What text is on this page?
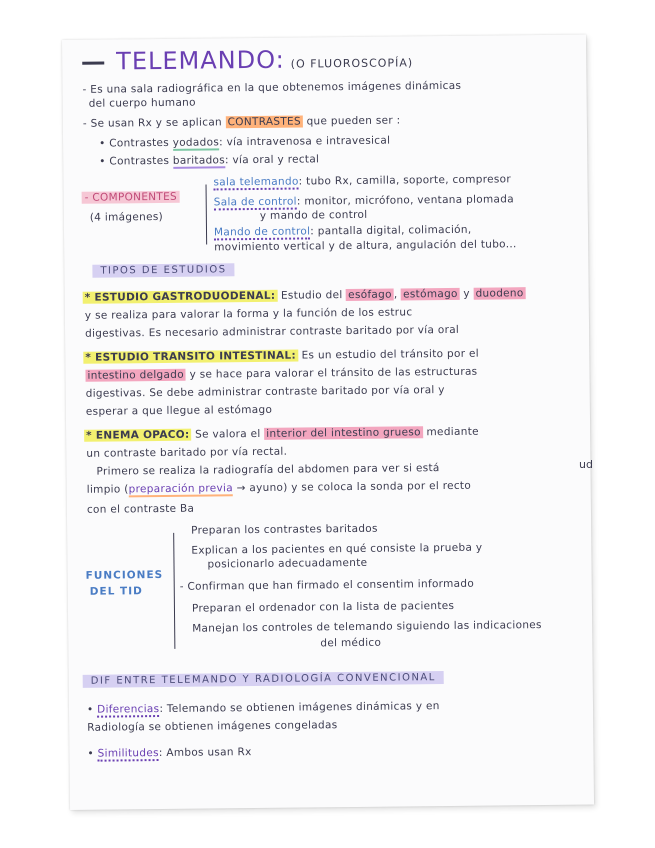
TELEMANDO: (O FLUOROSCOPÍA)
- Es una sala radiográfica en la que obtenemos imágenes dinámicas
del cuerpo humano
- Se usan Rx y se aplican CONTRASTES que pueden ser :
• Contrastes yodados: vía intravenosa e intravesical
• Contrastes baritados: vía oral y rectal
- COMPONENTES
(4 imágenes)
sala telemando: tubo Rx, camilla, soporte, compresor
Sala de control: monitor, micrófono, ventana plomada
y mando de control
Mando de control: pantalla digital, colimación,
movimiento vertical y de altura, angulación del tubo...
TIPOS DE ESTUDIOS
* ESTUDIO GASTRODUODENAL: Estudio del esófago , estómago y duodeno
y se realiza para valorar la forma y la función de los estruc
digestivas. Es necesario administrar contraste baritado por vía oral
* ESTUDIO TRANSITO INTESTINAL: Es un estudio del tránsito por el
intestino delgado y se hace para valorar el tránsito de las estructuras
digestivas. Se debe administrar contraste baritado por vía oral y
esperar a que llegue al estómago
* ENEMA OPACO: Se valora el interior del intestino grueso mediante
un contraste baritado por vía rectal.
Primero se realiza la radiografía del abdomen para ver si está
limpio (preparación previa → ayuno) y se coloca la sonda por el recto
con el contraste Ba
FUNCIONES
DEL TID
Preparan los contrastes baritados
Explican a los pacientes en qué consiste la prueba y
posicionarlo adecuadamente
- Confirman que han firmado el consentim informado
Preparan el ordenador con la lista de pacientes
Manejan los controles de telemando siguiendo las indicaciones
del médico
DIF ENTRE TELEMANDO Y RADIOLOGÍA CONVENCIONAL
• Diferencias: Telemando se obtienen imágenes dinámicas y en
Radiología se obtienen imágenes congeladas
• Similitudes: Ambos usan Rx
ud
